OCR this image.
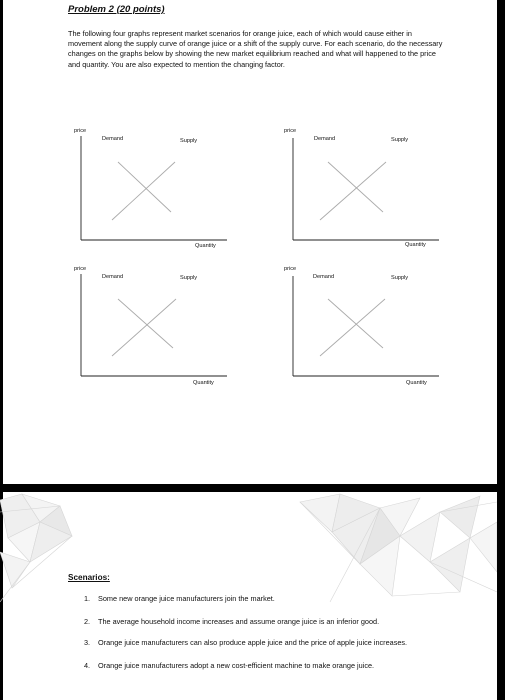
Problem 2 (20 points)
The following four graphs represent market scenarios for orange juice, each of which would cause either in movement along the supply curve of orange juice or a shift of the supply curve. For each scenario, do the necessary changes on the graphs below by showing the new market equilibrium reached and what will happened to the price and quantity. You are also expected to mention the changing factor.
price
Demand	Supply
Quantity
price
Demand	Supply
Quantity
price
Demand	Supply
Quantity
price
Demand	Supply
Quantity
Scenarios:
1. Some new orange juice manufacturers join the market.
2. The average household income increases and assume orange juice is an inferior good.
3. Orange juice manufacturers can also produce apple juice and the price of apple juice increases.
4. Orange juice manufacturers adopt a new cost-efficient machine to make orange juice.
